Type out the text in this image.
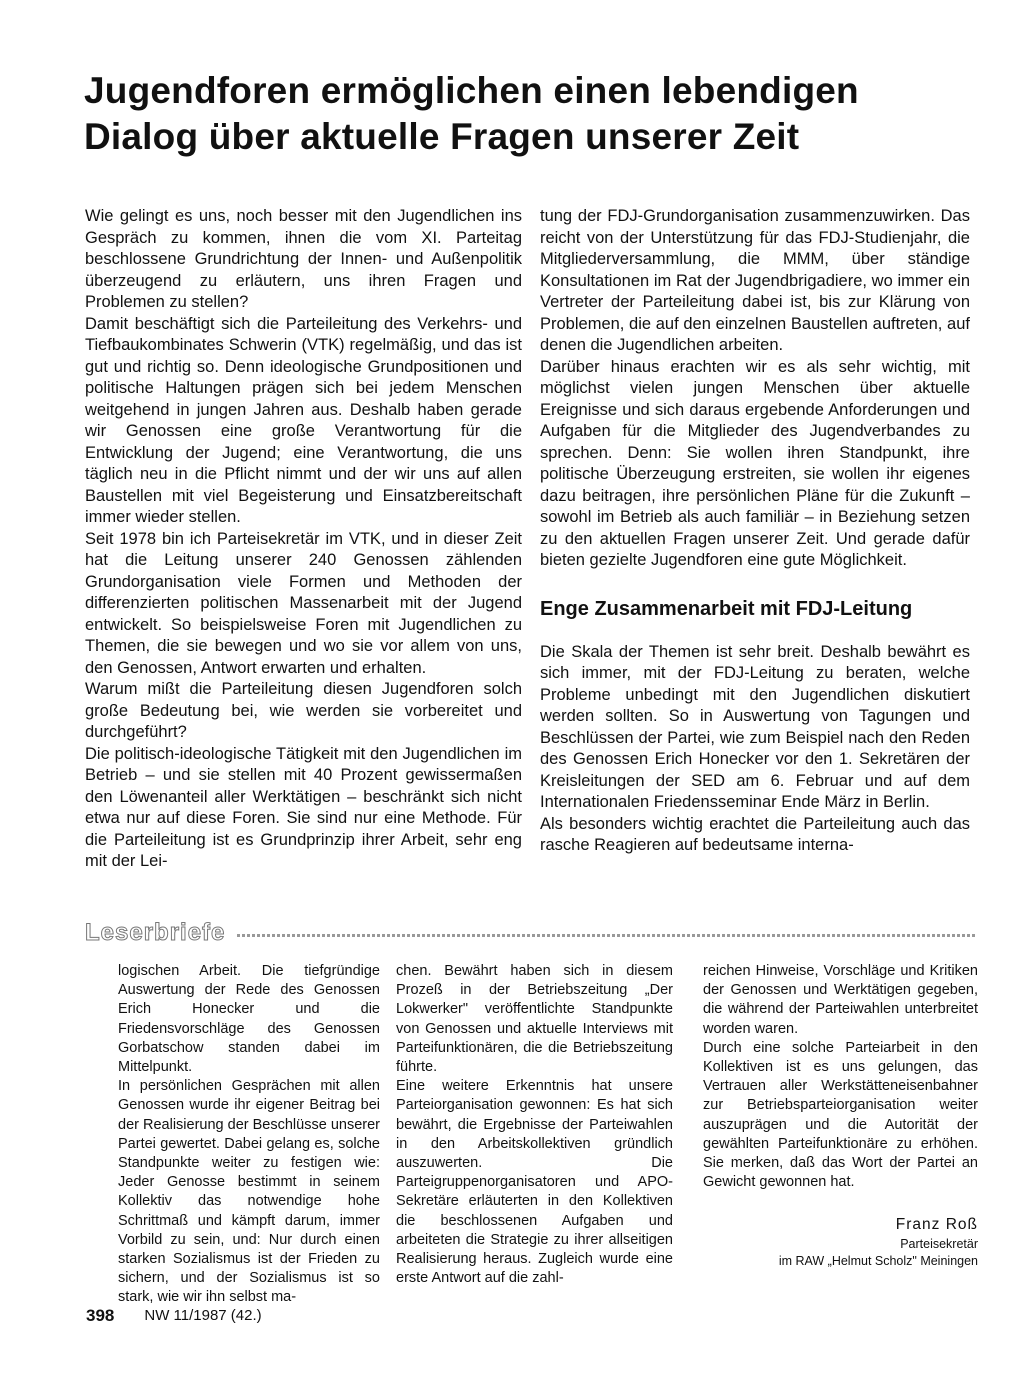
Jugendforen ermöglichen einen lebendigen
Dialog über aktuelle Fragen unserer Zeit

Wie gelingt es uns, noch besser mit den Jugendlichen ins Gespräch zu kommen, ihnen die vom XI. Parteitag beschlossene Grundrichtung der Innen- und Außenpolitik überzeugend zu erläutern, uns ihren Fragen und Problemen zu stellen?

Damit beschäftigt sich die Parteileitung des Verkehrs- und Tiefbaukombinates Schwerin (VTK) regelmäßig, und das ist gut und richtig so. Denn ideologische Grundpositionen und politische Haltungen prägen sich bei jedem Menschen weitgehend in jungen Jahren aus. Deshalb haben gerade wir Genossen eine große Verantwortung für die Entwicklung der Jugend; eine Verantwortung, die uns täglich neu in die Pflicht nimmt und der wir uns auf allen Baustellen mit viel Begeisterung und Einsatzbereitschaft immer wieder stellen.

Seit 1978 bin ich Parteisekretär im VTK, und in dieser Zeit hat die Leitung unserer 240 Genossen zählenden Grundorganisation viele Formen und Methoden der differenzierten politischen Massenarbeit mit der Jugend entwickelt. So beispielsweise Foren mit Jugendlichen zu Themen, die sie bewegen und wo sie vor allem von uns, den Genossen, Antwort erwarten und erhalten.

Warum mißt die Parteileitung diesen Jugendforen solch große Bedeutung bei, wie werden sie vorbereitet und durchgeführt?

Die politisch-ideologische Tätigkeit mit den Jugendlichen im Betrieb – und sie stellen mit 40 Prozent gewissermaßen den Löwenanteil aller Werktätigen – beschränkt sich nicht etwa nur auf diese Foren. Sie sind nur eine Methode. Für die Parteileitung ist es Grundprinzip ihrer Arbeit, sehr eng mit der Lei-

tung der FDJ-Grundorganisation zusammenzuwirken. Das reicht von der Unterstützung für das FDJ-Studienjahr, die Mitgliederversammlung, die MMM, über ständige Konsultationen im Rat der Jugendbrigadiere, wo immer ein Vertreter der Parteileitung dabei ist, bis zur Klärung von Problemen, die auf den einzelnen Baustellen auftreten, auf denen die Jugendlichen arbeiten.

Darüber hinaus erachten wir es als sehr wichtig, mit möglichst vielen jungen Menschen über aktuelle Ereignisse und sich daraus ergebende Anforderungen und Aufgaben für die Mitglieder des Jugendverbandes zu sprechen. Denn: Sie wollen ihren Standpunkt, ihre politische Überzeugung erstreiten, sie wollen ihr eigenes dazu beitragen, ihre persönlichen Pläne für die Zukunft – sowohl im Betrieb als auch familiär – in Beziehung setzen zu den aktuellen Fragen unserer Zeit. Und gerade dafür bieten gezielte Jugendforen eine gute Möglichkeit.

Enge Zusammenarbeit mit FDJ-Leitung

Die Skala der Themen ist sehr breit. Deshalb bewährt es sich immer, mit der FDJ-Leitung zu beraten, welche Probleme unbedingt mit den Jugendlichen diskutiert werden sollten. So in Auswertung von Tagungen und Beschlüssen der Partei, wie zum Beispiel nach den Reden des Genossen Erich Honecker vor den 1. Sekretären der Kreisleitungen der SED am 6. Februar und auf dem Internationalen Friedensseminar Ende März in Berlin.

Als besonders wichtig erachtet die Parteileitung auch das rasche Reagieren auf bedeutsame interna-

Leserbriefe

logischen Arbeit. Die tiefgründige Auswertung der Rede des Genossen Erich Honecker und die Friedensvorschläge des Genossen Gorbatschow standen dabei im Mittelpunkt.

In persönlichen Gesprächen mit allen Genossen wurde ihr eigener Beitrag bei der Realisierung der Beschlüsse unserer Partei gewertet. Dabei gelang es, solche Standpunkte weiter zu festigen wie: Jeder Genosse bestimmt in seinem Kollektiv das notwendige hohe Schrittmaß und kämpft darum, immer Vorbild zu sein, und: Nur durch einen starken Sozialismus ist der Frieden zu sichern, und der Sozialismus ist so stark, wie wir ihn selbst ma-

chen. Bewährt haben sich in diesem Prozeß in der Betriebszeitung „Der Lokwerker" veröffentlichte Standpunkte von Genossen und aktuelle Interviews mit Parteifunktionären, die die Betriebszeitung führte.

Eine weitere Erkenntnis hat unsere Parteiorganisation gewonnen: Es hat sich bewährt, die Ergebnisse der Parteiwahlen in den Arbeitskollektiven gründlich auszuwerten. Die Parteigruppenorganisatoren und APO-Sekretäre erläuterten in den Kollektiven die beschlossenen Aufgaben und arbeiteten die Strategie zu ihrer allseitigen Realisierung heraus. Zugleich wurde eine erste Antwort auf die zahl-

reichen Hinweise, Vorschläge und Kritiken der Genossen und Werktätigen gegeben, die während der Parteiwahlen unterbreitet worden waren.

Durch eine solche Parteiarbeit in den Kollektiven ist es uns gelungen, das Vertrauen aller Werkstätteneisenbahner zur Betriebsparteiorganisation weiter auszuprägen und die Autorität der gewählten Parteifunktionäre zu erhöhen. Sie merken, daß das Wort der Partei an Gewicht gewonnen hat.

Franz Roß
Parteisekretär
im RAW „Helmut Scholz" Meiningen
398 NW 11/1987 (42.)
